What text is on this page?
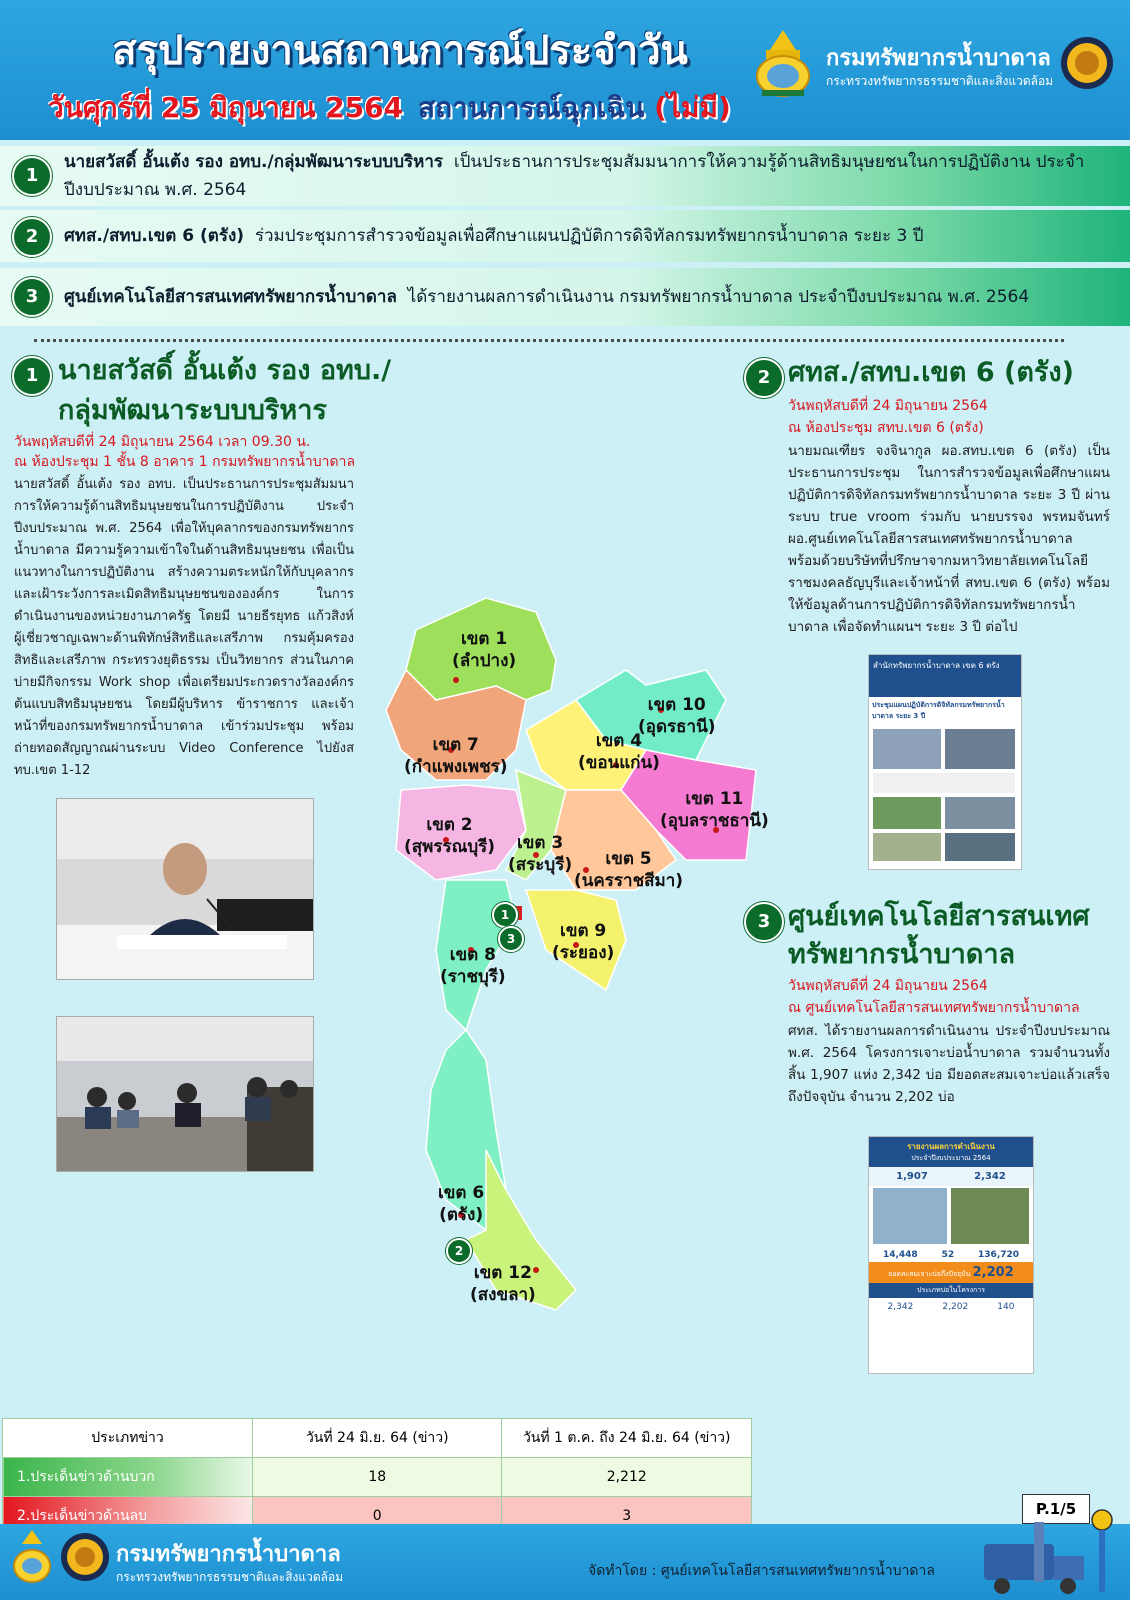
สรุปรายงานสถานการณ์ประจำวัน
วันศุกร์ที่ 25 มิถุนายน 2564 สถานการณ์ฉุกเฉิน (ไม่มี)
กรมทรัพยากรน้ำบาดาล
กระทรวงทรัพยากรธรรมชาติและสิ่งแวดล้อม
1
นายสวัสดิ์ อั้นเต้ง รอง อทบ./กลุ่มพัฒนาระบบบริหาร เป็นประธานการประชุมสัมมนาการให้ความรู้ด้านสิทธิมนุษยชนในการปฏิบัติงาน ประจำปีงบประมาณ พ.ศ. 2564
2	ศทส./สทบ.เขต 6 (ตรัง) ร่วมประชุมการสำรวจข้อมูลเพื่อศึกษาแผนปฏิบัติการดิจิทัลกรมทรัพยากรน้ำบาดาล ระยะ 3 ปี
3	ศูนย์เทคโนโลยีสารสนเทศทรัพยากรน้ำบาดาล ได้รายงานผลการดำเนินงาน กรมทรัพยากรน้ำบาดาล ประจำปีงบประมาณ พ.ศ. 2564
1 นายสวัสดิ์ อั้นเต้ง รอง อทบ./
กลุ่มพัฒนาระบบบริหาร
วันพฤหัสบดีที่ 24 มิถุนายน 2564 เวลา 09.30 น.
ณ ห้องประชุม 1 ชั้น 8 อาคาร 1 กรมทรัพยากรน้ำบาดาล
นายสวัสดิ์ อั้นเต้ง รอง อทบ. เป็นประธานการประชุมสัมมนาการให้ความรู้ด้านสิทธิมนุษยชนในการปฏิบัติงาน ประจำปีงบประมาณ พ.ศ. 2564 เพื่อให้บุคลากรของกรมทรัพยากรน้ำบาดาล มีความรู้ความเข้าใจในด้านสิทธิมนุษยชน เพื่อเป็นแนวทางในการปฏิบัติงาน สร้างความตระหนักให้กับบุคลากรและเฝ้าระวังการละเมิดสิทธิมนุษยชนขององค์กร ในการดำเนินงานของหน่วยงานภาครัฐ โดยมี นายธีรยุทธ แก้วสิงห์ ผู้เชี่ยวชาญเฉพาะด้านพิทักษ์สิทธิและเสรีภาพ กรมคุ้มครองสิทธิและเสรีภาพ กระทรวงยุติธรรม เป็นวิทยากร ส่วนในภาคบ่ายมีกิจกรรม Work shop เพื่อเตรียมประกวดรางวัลองค์กรต้นแบบสิทธิมนุษยชน โดยมีผู้บริหาร ข้าราชการ และเจ้าหน้าที่ของกรมทรัพยากรน้ำบาดาล เข้าร่วมประชุม พร้อมถ่ายทอดสัญญาณผ่านระบบ Video Conference ไปยังสทบ.เขต 1-12
เขต 1
(ลำปาง)
เขต 7
(กำแพงเพชร)
เขต 10
(อุดรธานี)
เขต 4
(ขอนแก่น)
เขต 11
(อุบลราชธานี)
เขต 2
(สุพรรณบุรี)	เขต 3
(สระบุรี)	เขต 5
(นครราชสีมา)
เขต 9
(ระยอง)
เขต 8
(ราชบุรี)
เขต 6
(ตรัง)
เขต 12
(สงขลา)
1
3
2
2 ศทส./สทบ.เขต 6 (ตรัง)
วันพฤหัสบดีที่ 24 มิถุนายน 2564
ณ ห้องประชุม สทบ.เขต 6 (ตรัง)
นายมณเฑียร จงจินากูล ผอ.สทบ.เขต 6 (ตรัง) เป็นประธานการประชุม ในการสำรวจข้อมูลเพื่อศึกษาแผนปฏิบัติการดิจิทัลกรมทรัพยากรน้ำบาดาล ระยะ 3 ปี ผ่านระบบ true vroom ร่วมกับ นายบรรจง พรหมจันทร์ ผอ.ศูนย์เทคโนโลยีสารสนเทศทรัพยากรน้ำบาดาล พร้อมด้วยบริษัทที่ปรึกษาจากมหาวิทยาลัยเทคโนโลยีราชมงคลธัญบุรีและเจ้าหน้าที่ สทบ.เขต 6 (ตรัง) พร้อมให้ข้อมูลด้านการปฏิบัติการดิจิทัลกรมทรัพยากรน้ำบาดาล เพื่อจัดทำแผนฯ ระยะ 3 ปี ต่อไป
สำนักทรัพยากรน้ำบาดาล เขต 6 ตรัง
ประชุมแผนปฏิบัติการดิจิทัลกรมทรัพยากรน้ำบาดาล ระยะ 3 ปี
3 ศูนย์เทคโนโลยีสารสนเทศ
ทรัพยากรน้ำบาดาล
วันพฤหัสบดีที่ 24 มิถุนายน 2564
ณ ศูนย์เทคโนโลยีสารสนเทศทรัพยากรน้ำบาดาล
ศทส. ได้รายงานผลการดำเนินงาน ประจำปีงบประมาณ พ.ศ. 2564 โครงการเจาะบ่อน้ำบาดาล รวมจำนวนทั้งสิ้น 1,907 แห่ง 2,342 บ่อ มียอดสะสมเจาะบ่อแล้วเสร็จถึงปัจจุบัน จำนวน 2,202 บ่อ
รายงานผลการดำเนินงาน
ประจำปีงบประมาณ 2564
1,907	2,342
14,448	52	136,720
ยอดสะสมเจาะบ่อถึงปัจจุบัน 2,202
ประเภทบ่อในโครงการ
2,342	2,202	140
ประเภทข่าว	วันที่ 24 มิ.ย. 64 (ข่าว)	วันที่ 1 ต.ค. ถึง 24 มิ.ย. 64 (ข่าว)
1.ประเด็นข่าวด้านบวก	18	2,212
2.ประเด็นข่าวด้านลบ	0	3	P.1/5
กรมทรัพยากรน้ำบาดาล
กระทรวงทรัพยากรธรรมชาติและสิ่งแวดล้อม	จัดทำโดย : ศูนย์เทคโนโลยีสารสนเทศทรัพยากรน้ำบาดาล
